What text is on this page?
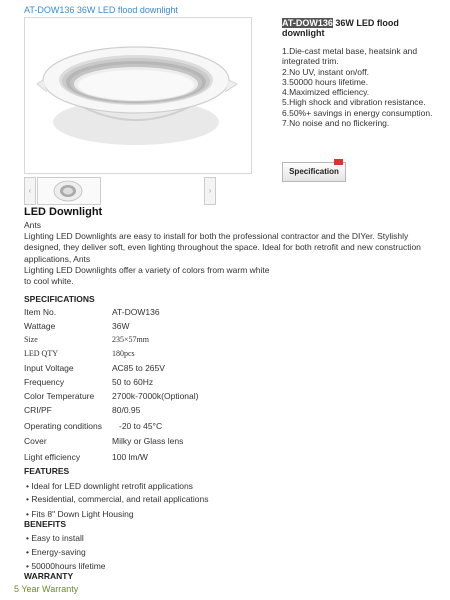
AT-DOW136 36W LED flood downlight
‹	›
AT-DOW136 36W LED flood downlight
1.Die-cast metal base, heatsink and integrated trim.
2.No UV, instant on/off.
3.50000 hours lifetime.
4.Maximized efficiency.
5.High shock and vibration resistance.
6.50%+ savings in energy consumption.
7.No noise and no flickering.
Specification
LED Downlight

Ants

Lighting LED Downlights are easy to install for both the professional contractor and the DIYer. Stylishly designed, they deliver soft, even lighting throughout the space. Ideal for both retrofit and new construction applications, Ants

Lighting LED Downlights offer a variety of colors from warm white to cool white.

SPECIFICATIONS
Item No.	AT-DOW136
Wattage	36W
Size	235×57mm
LED QTY	180pcs
Input Voltage	AC85 to 265V
Frequency	50 to 60Hz
Color Temperature 2700k-7000k(Optional)
CRI/PF	80/0.95
Operating conditions -20 to 45°C
Cover	Milky or Glass lens
Light efficiency	100 lm/W
FEATURES
• Ideal for LED downlight retrofit applications
• Residential, commercial, and retail applications
• Fits 8" Down Light Housing
BENEFITS
• Easy to install
• Energy-saving
• 50000hours lifetime
WARRANTY
5 Year Warranty
